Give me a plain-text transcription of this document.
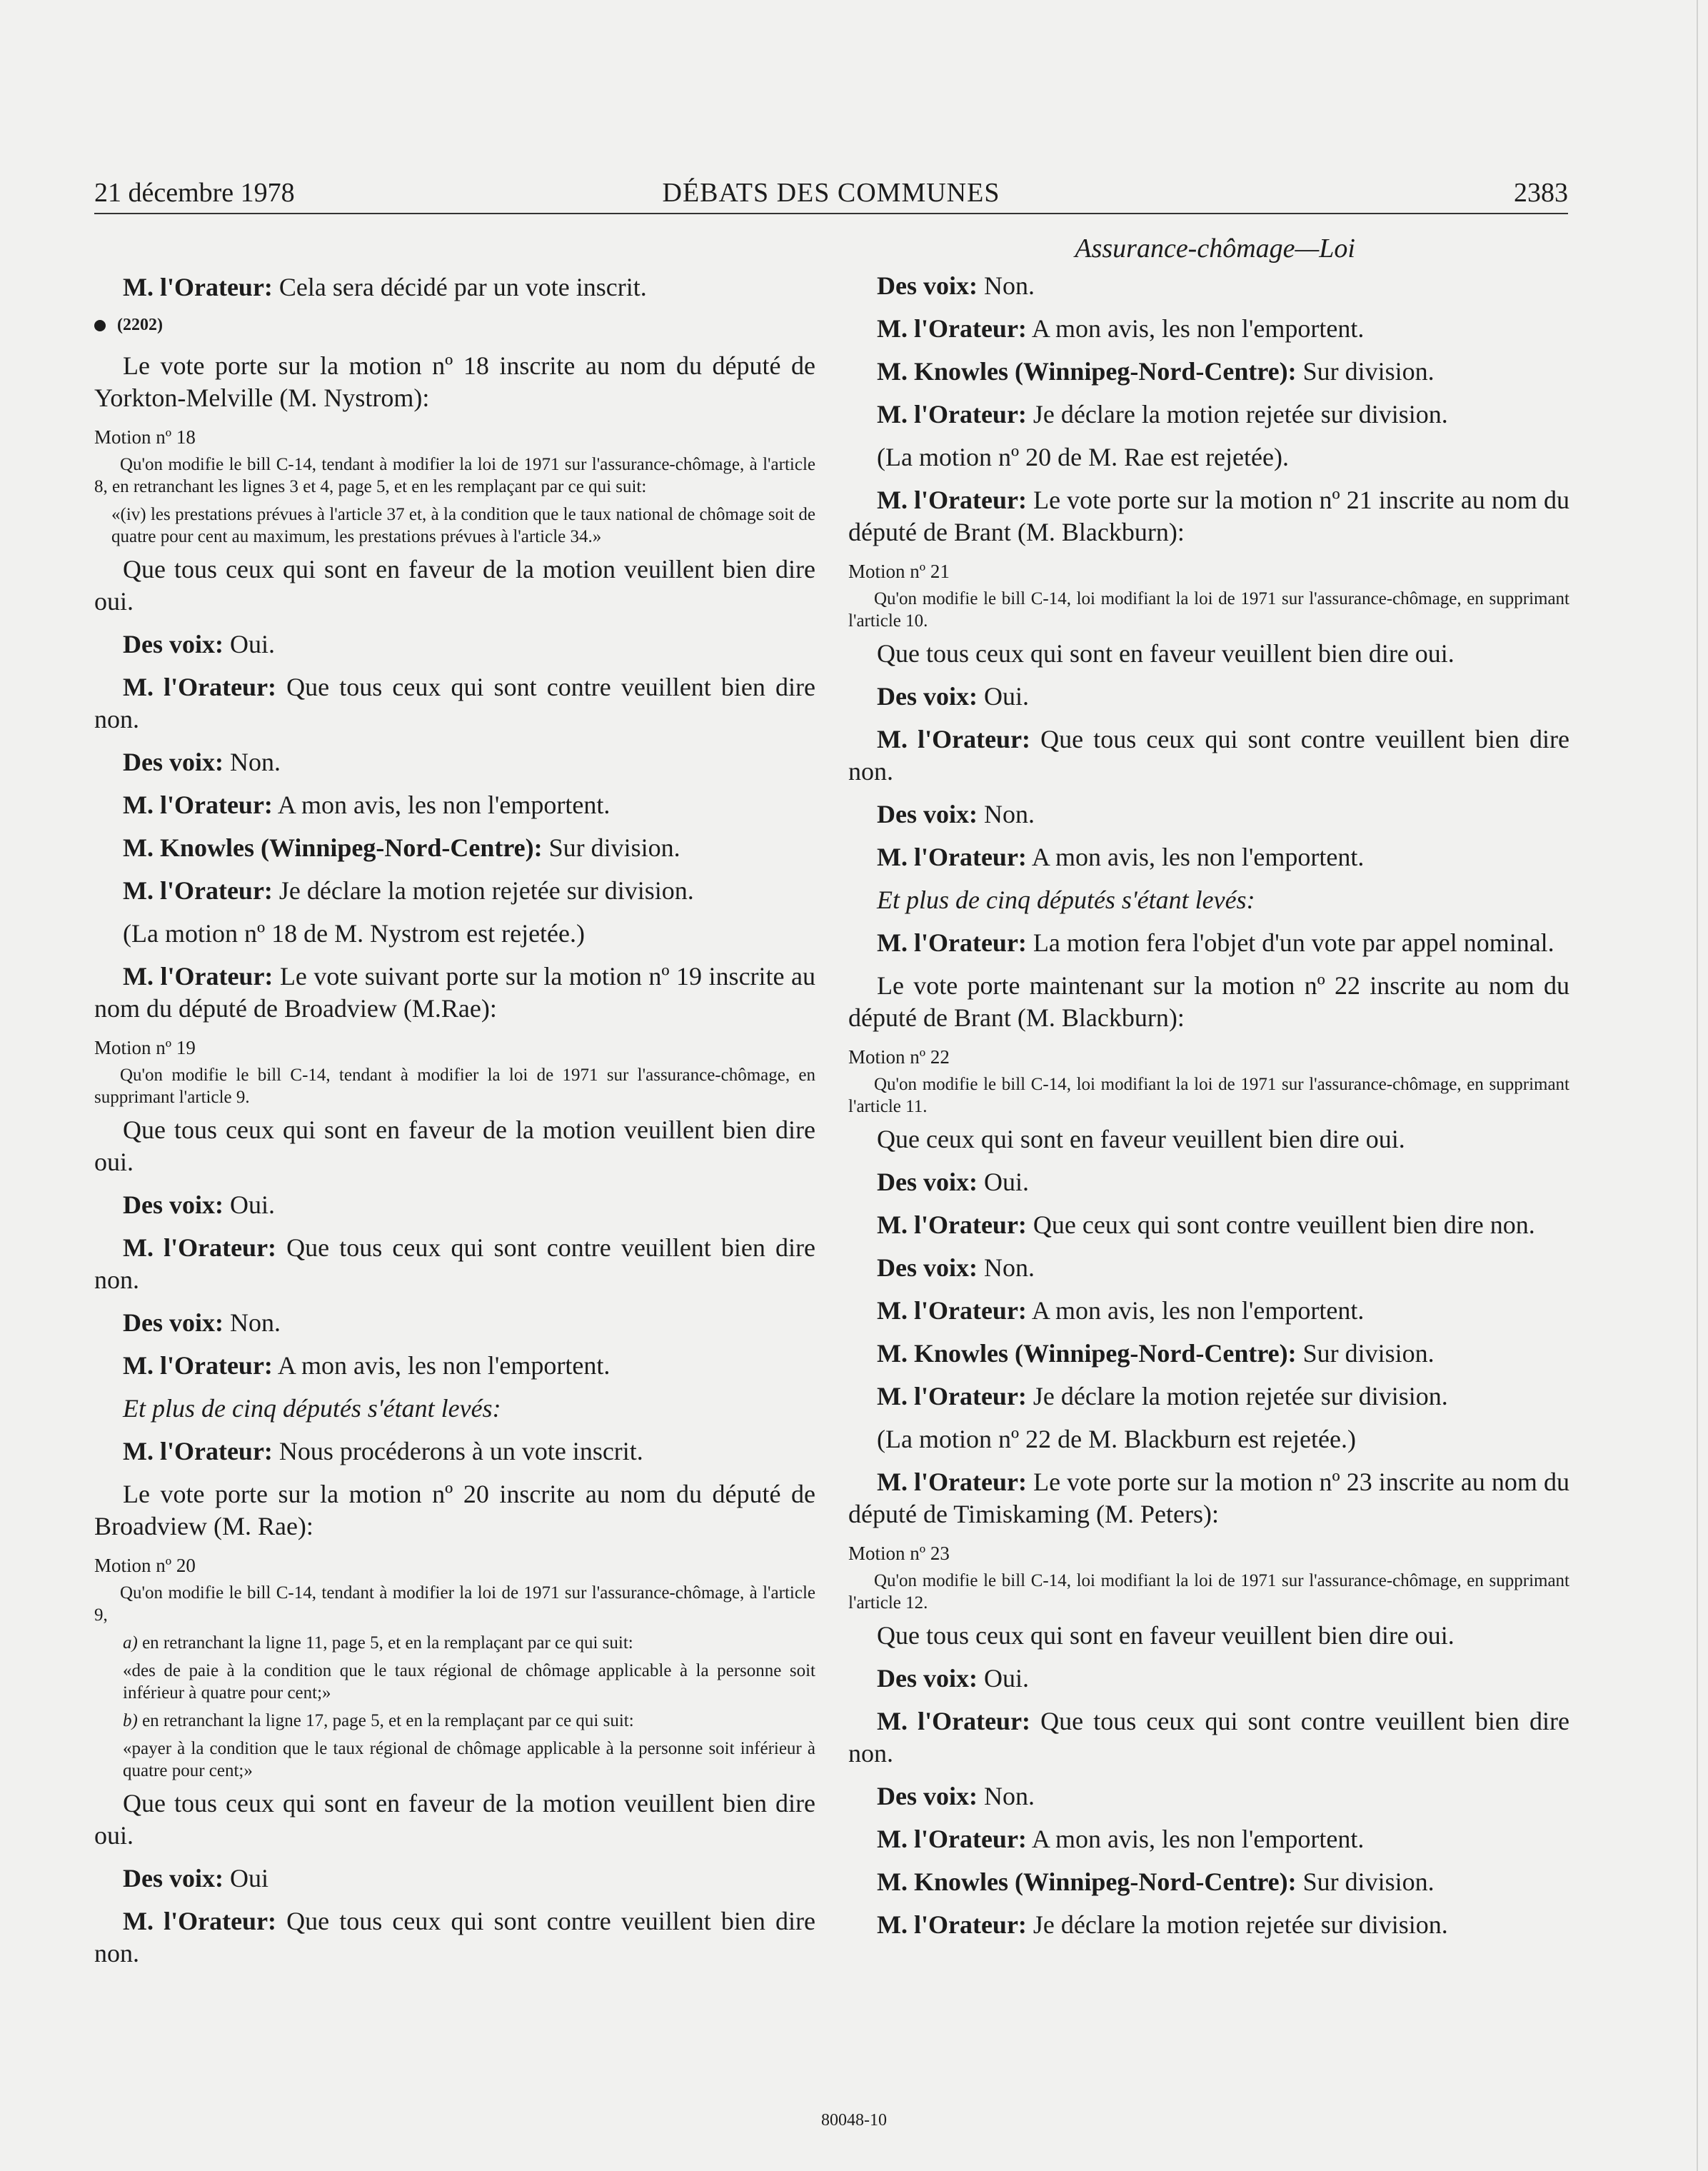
21 décembre 1978	DÉBATS DES COMMUNES	2383
Assurance-chômage—Loi

M. l'Orateur: Cela sera décidé par un vote inscrit.

(2202)

Le vote porte sur la motion nº 18 inscrite au nom du député de Yorkton-Melville (M. Nystrom):

Motion nº 18

Qu'on modifie le bill C-14, tendant à modifier la loi de 1971 sur l'assurance-chômage, à l'article 8, en retranchant les lignes 3 et 4, page 5, et en les remplaçant par ce qui suit:

«(iv) les prestations prévues à l'article 37 et, à la condition que le taux national de chômage soit de quatre pour cent au maximum, les prestations prévues à l'article 34.»

Que tous ceux qui sont en faveur de la motion veuillent bien dire oui.

Des voix: Oui.

M. l'Orateur: Que tous ceux qui sont contre veuillent bien dire non.

Des voix: Non.

M. l'Orateur: A mon avis, les non l'emportent.

M. Knowles (Winnipeg-Nord-Centre): Sur division.

M. l'Orateur: Je déclare la motion rejetée sur division.

(La motion nº 18 de M. Nystrom est rejetée.)

M. l'Orateur: Le vote suivant porte sur la motion nº 19 inscrite au nom du député de Broadview (M.Rae):

Motion nº 19

Qu'on modifie le bill C-14, tendant à modifier la loi de 1971 sur l'assurance-chômage, en supprimant l'article 9.

Que tous ceux qui sont en faveur de la motion veuillent bien dire oui.

Des voix: Oui.

M. l'Orateur: Que tous ceux qui sont contre veuillent bien dire non.

Des voix: Non.

M. l'Orateur: A mon avis, les non l'emportent.

Et plus de cinq députés s'étant levés:

M. l'Orateur: Nous procéderons à un vote inscrit.

Le vote porte sur la motion nº 20 inscrite au nom du député de Broadview (M. Rae):

Motion nº 20

Qu'on modifie le bill C-14, tendant à modifier la loi de 1971 sur l'assurance-chômage, à l'article 9,

a) en retranchant la ligne 11, page 5, et en la remplaçant par ce qui suit:

«des de paie à la condition que le taux régional de chômage applicable à la personne soit inférieur à quatre pour cent;»

b) en retranchant la ligne 17, page 5, et en la remplaçant par ce qui suit:

«payer à la condition que le taux régional de chômage applicable à la personne soit inférieur à quatre pour cent;»

Que tous ceux qui sont en faveur de la motion veuillent bien dire oui.

Des voix: Oui

M. l'Orateur: Que tous ceux qui sont contre veuillent bien dire non.

Des voix: Non.

M. l'Orateur: A mon avis, les non l'emportent.

M. Knowles (Winnipeg-Nord-Centre): Sur division.

M. l'Orateur: Je déclare la motion rejetée sur division.

(La motion nº 20 de M. Rae est rejetée).

M. l'Orateur: Le vote porte sur la motion nº 21 inscrite au nom du député de Brant (M. Blackburn):

Motion nº 21

Qu'on modifie le bill C-14, loi modifiant la loi de 1971 sur l'assurance-chômage, en supprimant l'article 10.

Que tous ceux qui sont en faveur veuillent bien dire oui.

Des voix: Oui.

M. l'Orateur: Que tous ceux qui sont contre veuillent bien dire non.

Des voix: Non.

M. l'Orateur: A mon avis, les non l'emportent.

Et plus de cinq députés s'étant levés:

M. l'Orateur: La motion fera l'objet d'un vote par appel nominal.

Le vote porte maintenant sur la motion nº 22 inscrite au nom du député de Brant (M. Blackburn):

Motion nº 22

Qu'on modifie le bill C-14, loi modifiant la loi de 1971 sur l'assurance-chômage, en supprimant l'article 11.

Que ceux qui sont en faveur veuillent bien dire oui.

Des voix: Oui.

M. l'Orateur: Que ceux qui sont contre veuillent bien dire non.

Des voix: Non.

M. l'Orateur: A mon avis, les non l'emportent.

M. Knowles (Winnipeg-Nord-Centre): Sur division.

M. l'Orateur: Je déclare la motion rejetée sur division.

(La motion nº 22 de M. Blackburn est rejetée.)

M. l'Orateur: Le vote porte sur la motion nº 23 inscrite au nom du député de Timiskaming (M. Peters):

Motion nº 23

Qu'on modifie le bill C-14, loi modifiant la loi de 1971 sur l'assurance-chômage, en supprimant l'article 12.

Que tous ceux qui sont en faveur veuillent bien dire oui.

Des voix: Oui.

M. l'Orateur: Que tous ceux qui sont contre veuillent bien dire non.

Des voix: Non.

M. l'Orateur: A mon avis, les non l'emportent.

M. Knowles (Winnipeg-Nord-Centre): Sur division.

M. l'Orateur: Je déclare la motion rejetée sur division.

80048-10
